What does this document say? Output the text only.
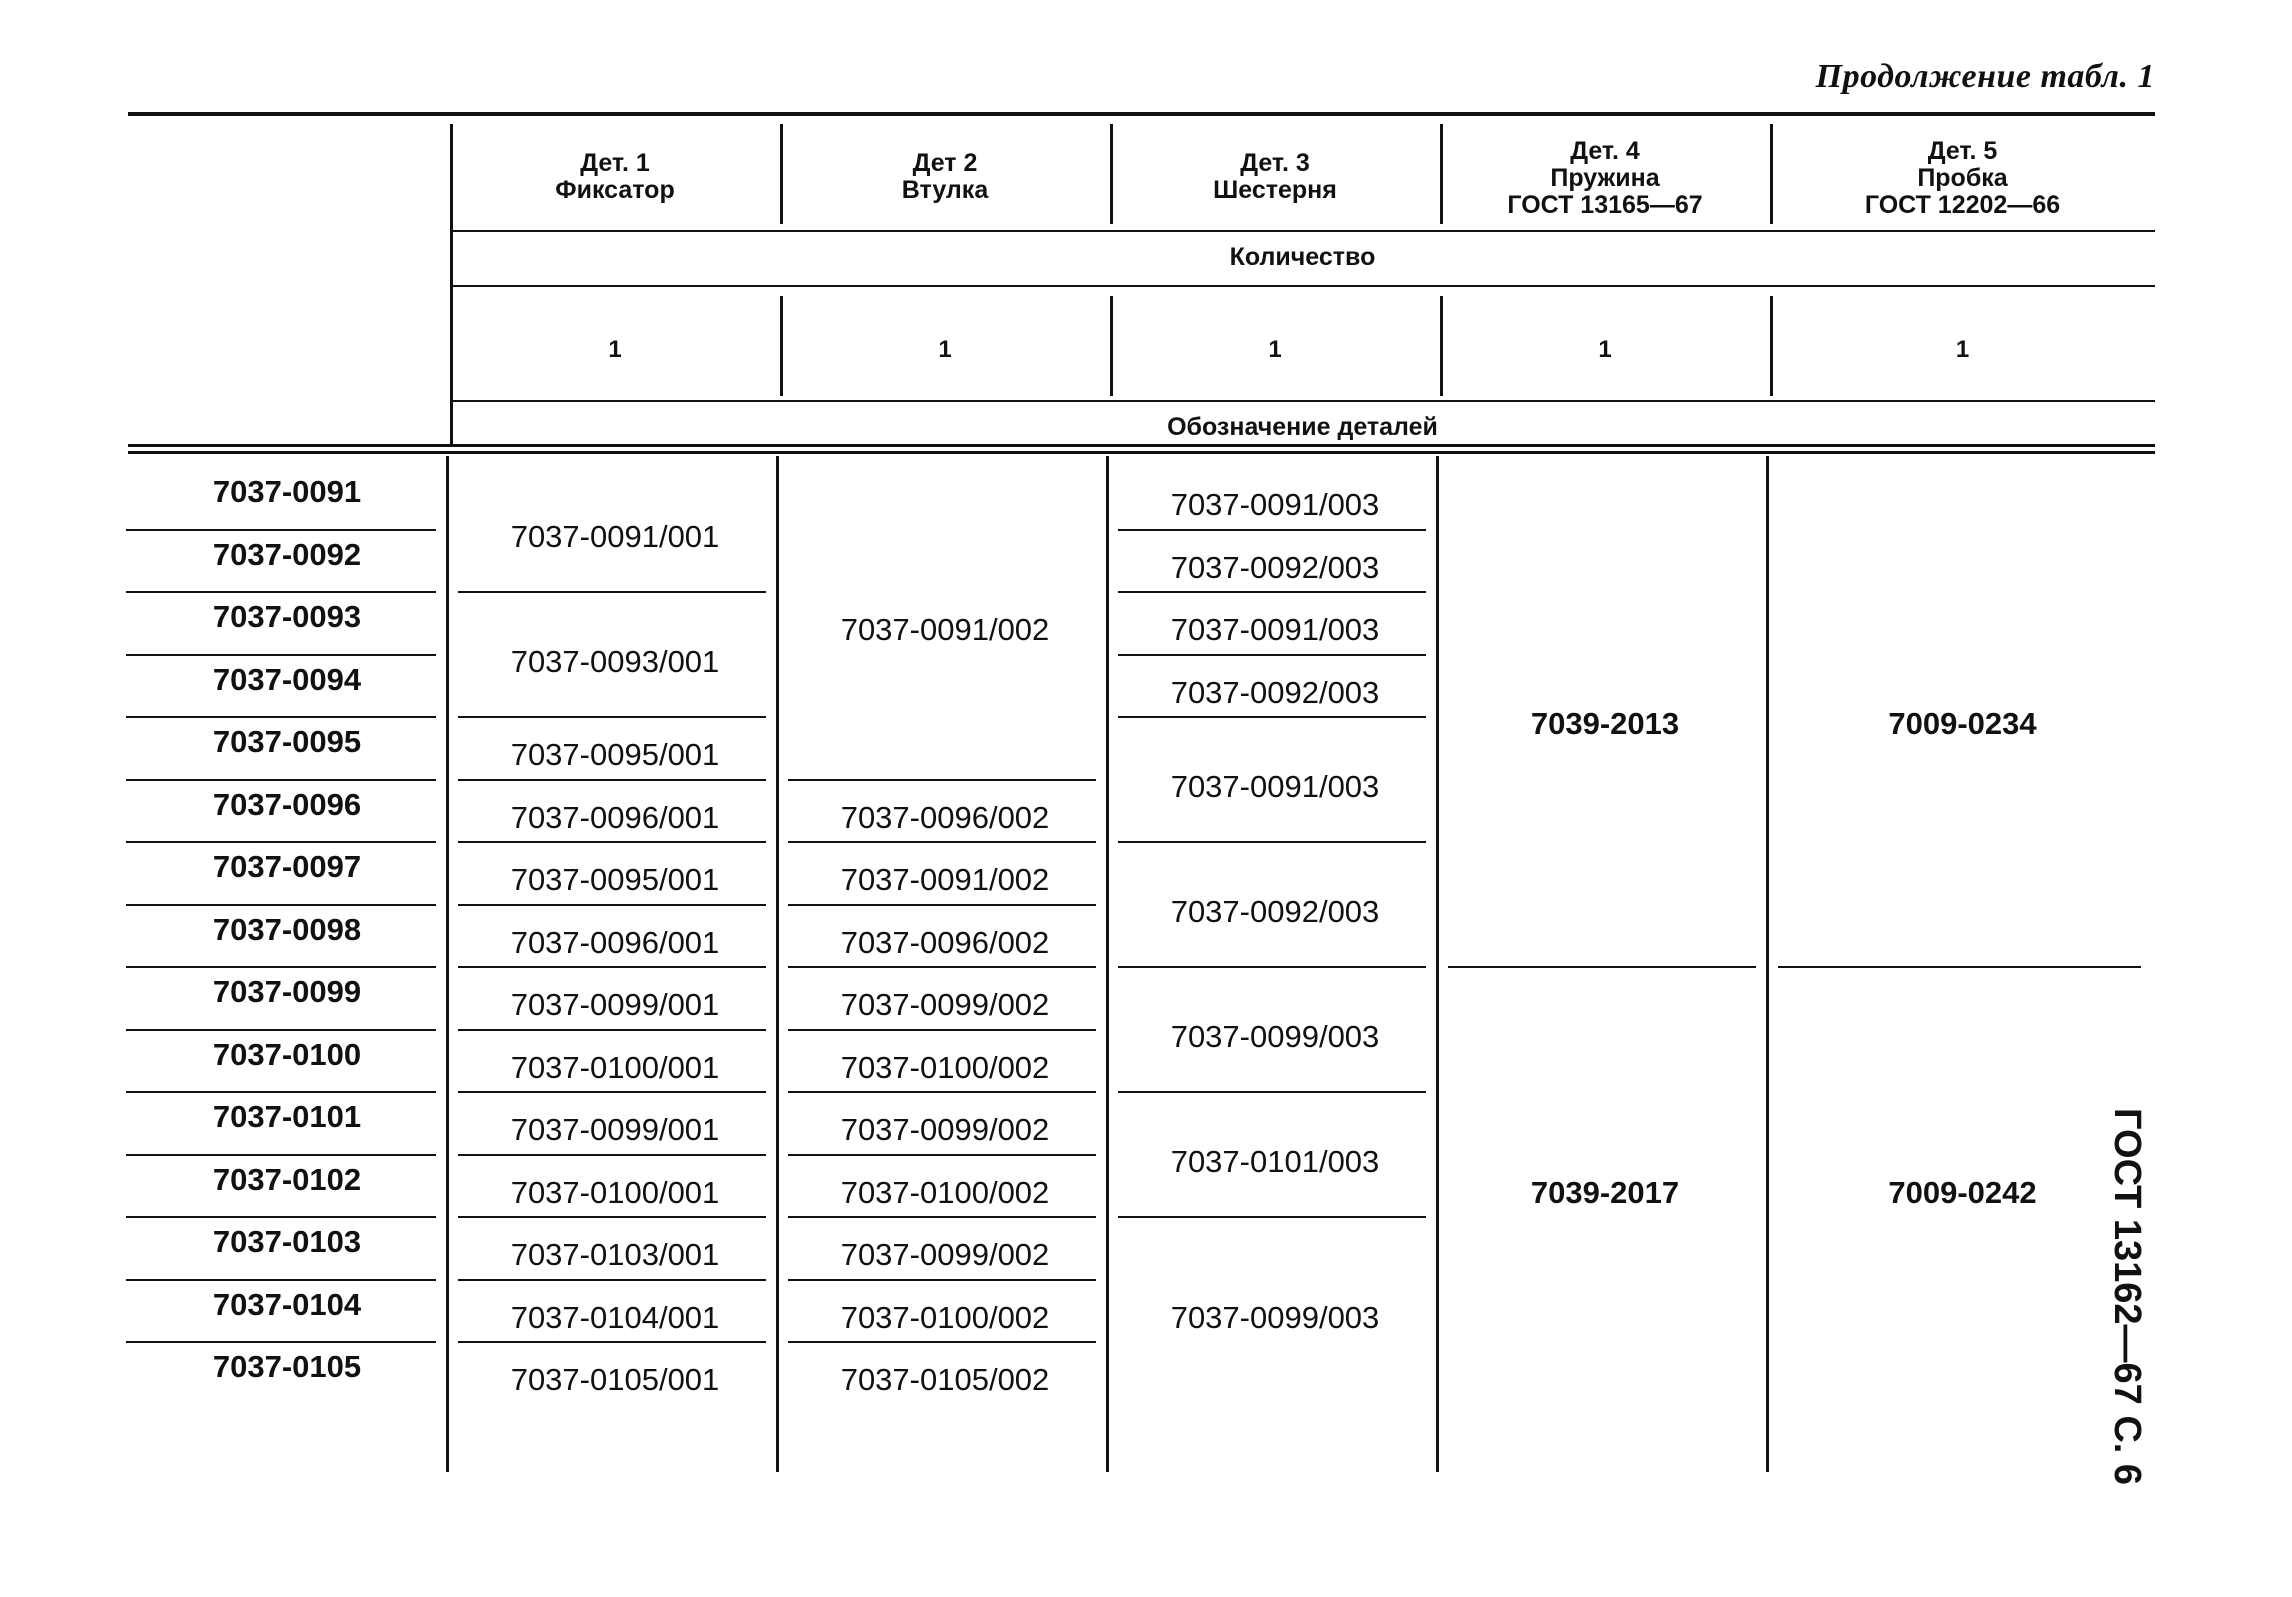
Продолжение табл. 1
ГОСТ 13162—67 С. 6
Дет. 1
Фиксатор
1
Дет 2
Втулка
1
Дет. 3
Шестерня
1
Дет. 4
Пружина
ГОСТ 13165—67
1
Дет. 5
Пробка
ГОСТ 12202—66
1
Количество
Обозначение деталей
7037-0091
7037-0092
7037-0093
7037-0094
7037-0095
7037-0096
7037-0097
7037-0098
7037-0099
7037-0100
7037-0101
7037-0102
7037-0103
7037-0104
7037-0105
7037-0091/001
7037-0093/001
7037-0095/001
7037-0096/001
7037-0095/001
7037-0096/001
7037-0099/001
7037-0100/001
7037-0099/001
7037-0100/001
7037-0103/001
7037-0104/001
7037-0105/001
7037-0091/002
7037-0096/002
7037-0091/002
7037-0096/002
7037-0099/002
7037-0100/002
7037-0099/002
7037-0100/002
7037-0099/002
7037-0100/002
7037-0105/002
7037-0091/003
7037-0092/003
7037-0091/003
7037-0092/003
7037-0091/003
7037-0092/003
7037-0099/003
7037-0101/003
7037-0099/003
7039-2013
7039-2017
7009-0234
7009-0242
